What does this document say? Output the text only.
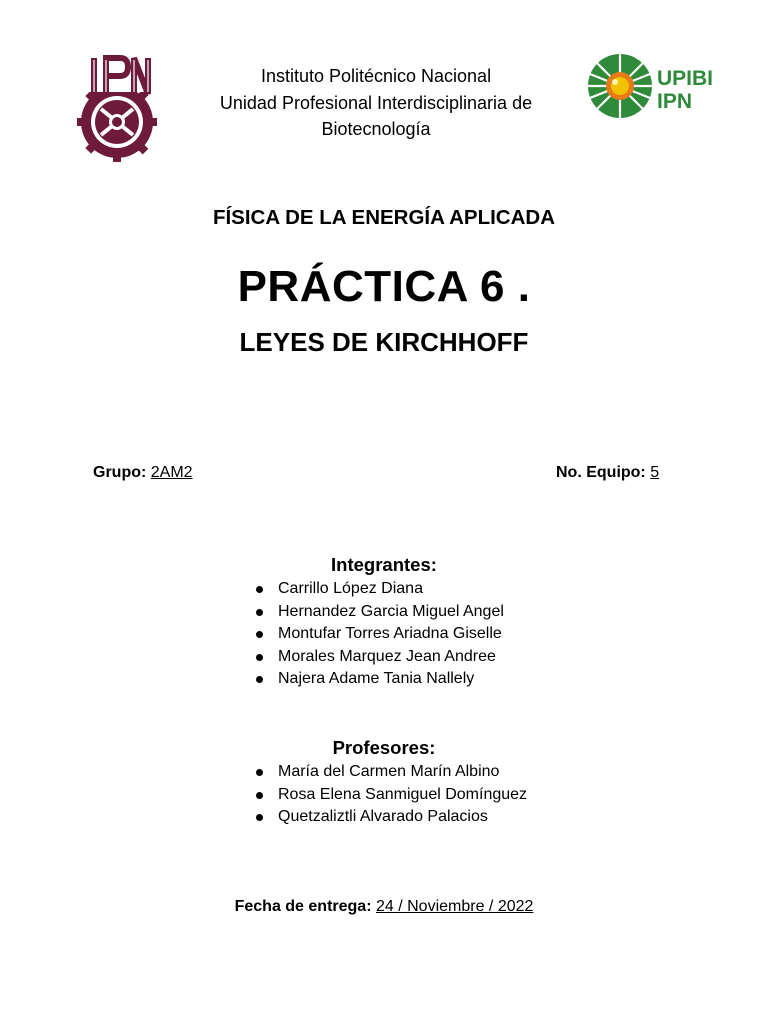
Instituto Politécnico Nacional
Unidad Profesional Interdisciplinaria de
Biotecnología
UPIBI
IPN
FÍSICA DE LA ENERGÍA APLICADA
PRÁCTICA 6 .
LEYES DE KIRCHHOFF
Grupo: 2AM2	No. Equipo: 5
Integrantes:
Carrillo López Diana
Hernandez Garcia Miguel Angel
Montufar Torres Ariadna Giselle
Morales Marquez Jean Andree
Najera Adame Tania Nallely
Profesores:
María del Carmen Marín Albino
Rosa Elena Sanmiguel Domínguez
Quetzaliztli Alvarado Palacios
Fecha de entrega: 24 / Noviembre / 2022
